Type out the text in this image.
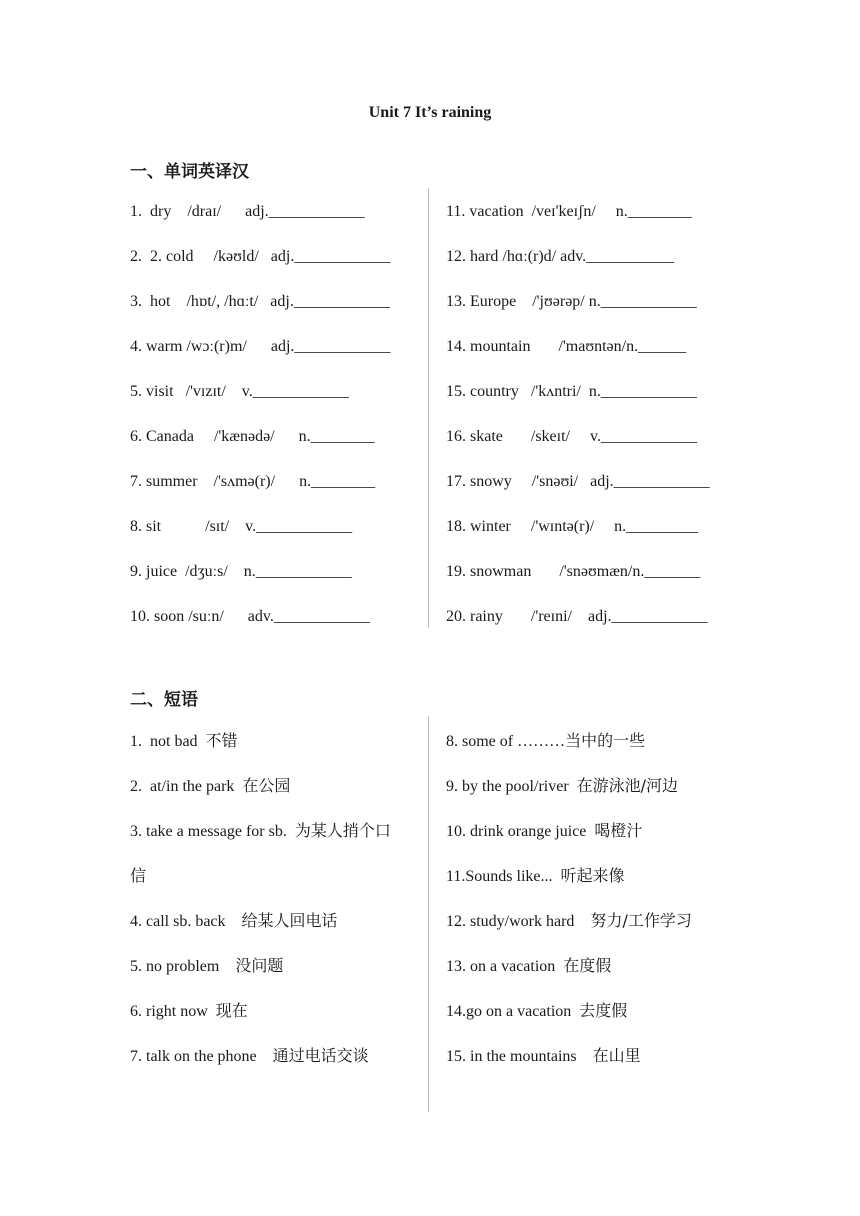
Unit 7 It’s raining
一、单词英译汉
1.  dry    /draɪ/      adj.____________
2.  2. cold     /kəʊld/   adj.____________
3.  hot    /hɒt/, /hɑːt/   adj.____________
4. warm /wɔː(r)m/      adj.____________
5. visit   /'vɪzɪt/    v.____________
6. Canada     /'kænədə/      n.________
7. summer    /'sʌmə(r)/      n.________
8. sit           /sɪt/    v.____________
9. juice  /dʒuːs/    n.____________
10. soon /suːn/      adv.____________
11. vacation  /veɪ'keɪʃn/     n.________
12. hard /hɑː(r)d/ adv.___________
13. Europe    /'jʊərəp/ n.____________
14. mountain       /'maʊntən/n.______
15. country   /'kʌntri/  n.____________
16. skate       /skeɪt/     v.____________
17. snowy     /'snəʊi/   adj.____________
18. winter     /'wɪntə(r)/     n._________
19. snowman       /'snəʊmæn/n._______
20. rainy       /'reɪni/    adj.____________
二、短语
1.  not bad  不错
2.  at/in the park  在公园
3. take a message for sb.  为某人捎个口
信
4. call sb. back    给某人回电话
5. no problem    没问题
6. right now  现在
7. talk on the phone    通过电话交谈
8. some of ………当中的一些
9. by the pool/river  在游泳池/河边
10. drink orange juice  喝橙汁
11.Sounds like...  听起来像
12. study/work hard    努力/工作学习
13. on a vacation  在度假
14.go on a vacation  去度假
15. in the mountains    在山里
